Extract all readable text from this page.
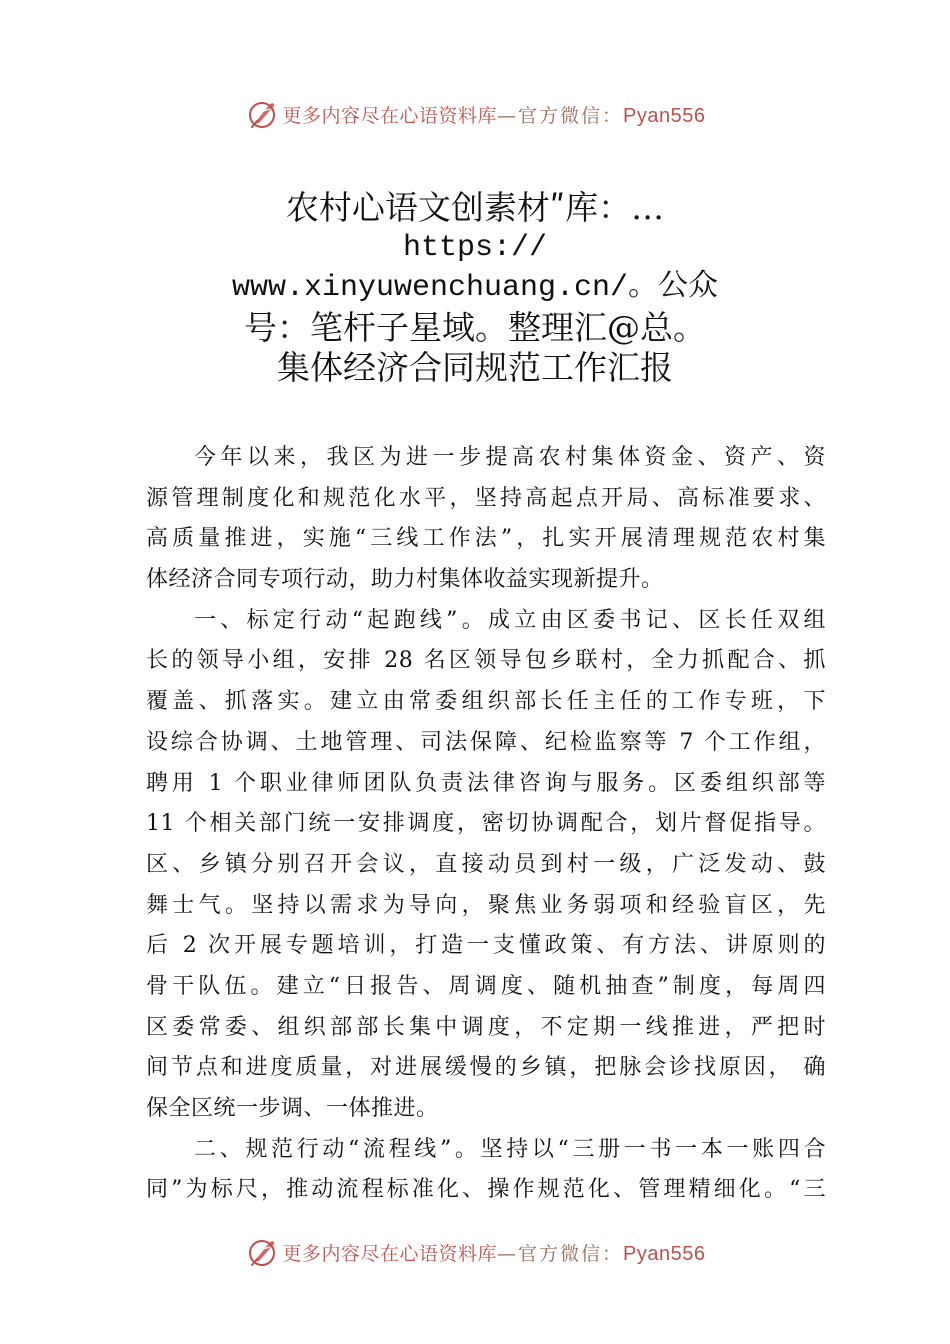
更多内容尽在心语资料库—官方微信：Pyan556
农村心语文创素材ʺ库：…
https://
www.xinyuwenchuang.cn/。公众
号：笔杆子星域。整理汇@总。
集体经济合同规范工作汇报
今年以来，我区为进一步提高农村集体资金、资产、资
源管理制度化和规范化水平，坚持高起点开局、高标准要求、
高质量推进，实施“三线工作法”，扎实开展清理规范农村集
体经济合同专项行动，助力村集体收益实现新提升。
一、标定行动“起跑线”。成立由区委书记、区长任双组
长的领导小组，安排 28 名区领导包乡联村，全力抓配合、抓
覆盖、抓落实。建立由常委组织部长任主任的工作专班，下
设综合协调、土地管理、司法保障、纪检监察等 7 个工作组，
聘用 1 个职业律师团队负责法律咨询与服务。区委组织部等
11 个相关部门统一安排调度，密切协调配合，划片督促指导。
区、乡镇分别召开会议，直接动员到村一级，广泛发动、鼓
舞士气。坚持以需求为导向，聚焦业务弱项和经验盲区，先
后 2 次开展专题培训，打造一支懂政策、有方法、讲原则的
骨干队伍。建立“日报告、周调度、随机抽查”制度，每周四
区委常委、组织部部长集中调度，不定期一线推进，严把时
间节点和进度质量，对进展缓慢的乡镇，把脉会诊找原因， 确
保全区统一步调、一体推进。
二、规范行动“流程线”。坚持以“三册一书一本一账四合
同”为标尺，推动流程标准化、操作规范化、管理精细化。“三
更多内容尽在心语资料库—官方微信：Pyan556
